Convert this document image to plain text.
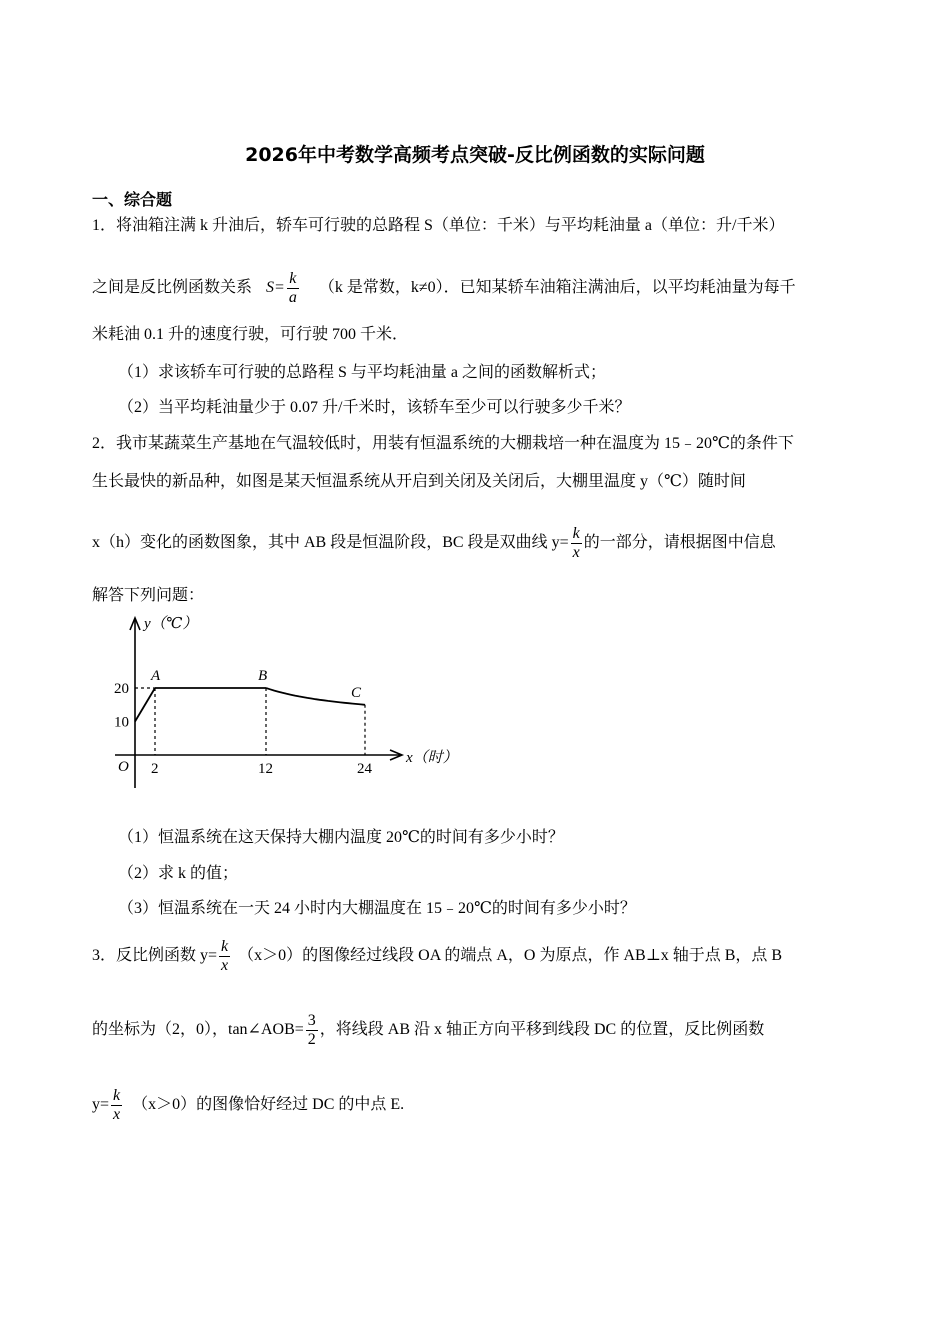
2026年中考数学高频考点突破-反比例函数的实际问题
一、综合题
1．将油箱注满 k 升油后，轿车可行驶的总路程 S（单位：千米）与平均耗油量 a（单位：升/千米）
之间是反比例函数关系 $S= \frac{k}{a} (k$ 是常数，k≠0）．已知某轿车油箱注满油后，以平均耗油量为每千
米耗油 0.1 升的速度行驶，可行驶 700 千米．
（1）求该轿车可行驶的总路程 S 与平均耗油量 a 之间的函数解析式；
（2）当平均耗油量少于 0.07 升/千米时，该轿车至少可以行驶多少千米？
2．我市某蔬菜生产基地在气温较低时，用装有恒温系统的大棚栽培一种在温度为 15﹣20℃的条件下
生长最快的新品种，如图是某天恒温系统从开启到关闭及关闭后，大棚里温度 y（℃）随时间
x（h）变化的函数图象，其中 AB 段是恒温阶段，BC 段是双曲线 $y= \frac{k}{x}$ 的一部分，请根据图中信息
解答下列问题：
y（℃）
x（时）
O
10
20
2	12	24
A	B
C
（1）恒温系统在这天保持大棚内温度 20℃的时间有多少小时？
（2）求 k 的值；
（3）恒温系统在一天 24 小时内大棚温度在 15﹣20℃的时间有多少小时？
3．反比例函数 $y= \frac{k}{x} (x>0)$的图像经过线段 OA 的端点 A，O 为原点，作 AB⊥x 轴于点 B，点 B
的坐标为（2，0），tan∠AOB= $\frac{3}{2}$ ，将线段 AB 沿 x 轴正方向平移到线段 DC 的位置，反比例函数
$y= \frac{k}{x} (x>0)$的图像恰好经过 DC 的中点 E.
